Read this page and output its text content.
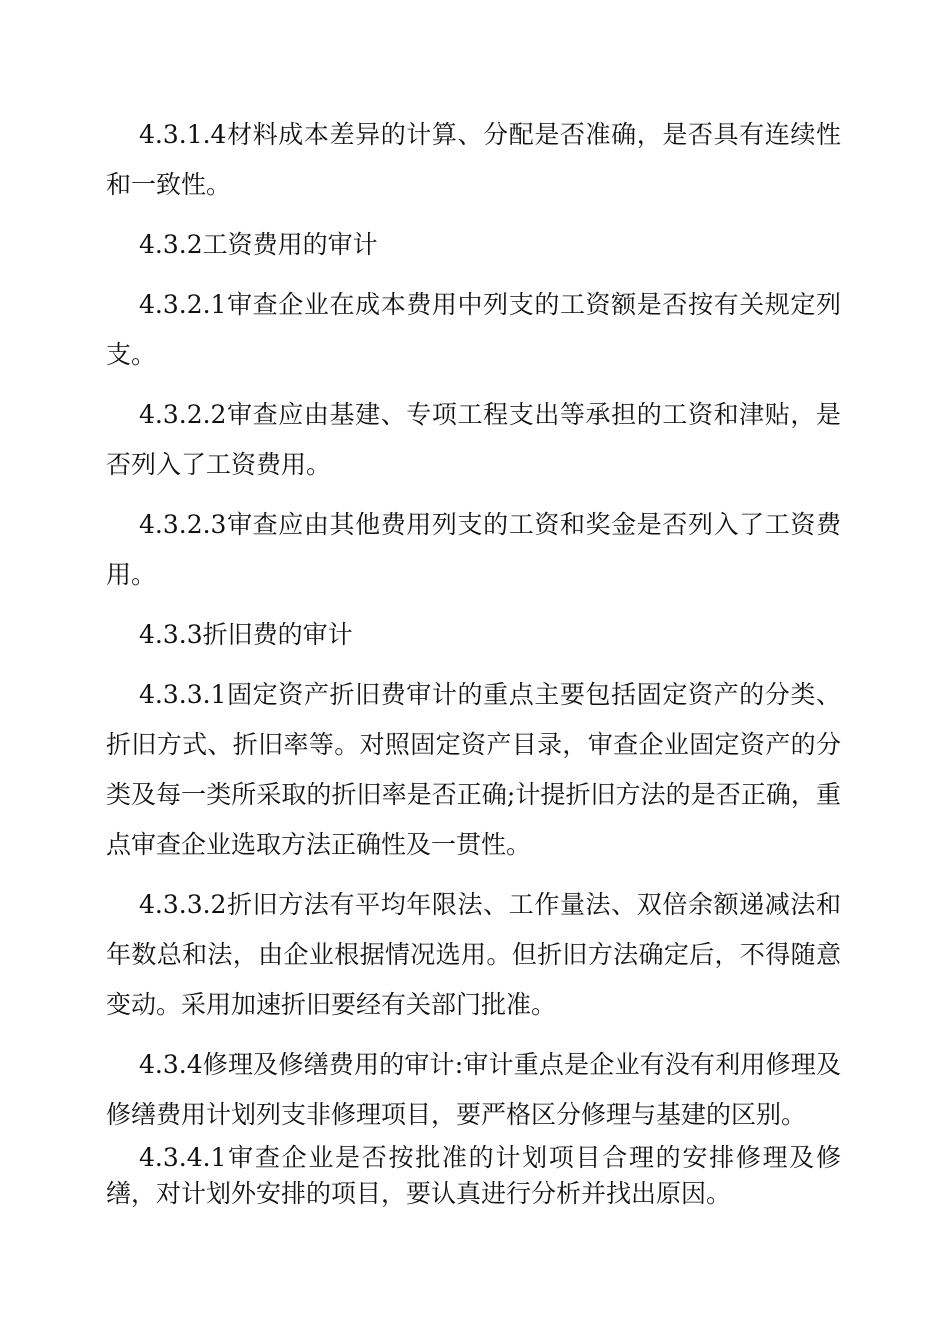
4.3.1.4材料成本差异的计算、分配是否准确，是否具有连续性和一致性。

4.3.2工资费用的审计

4.3.2.1审查企业在成本费用中列支的工资额是否按有关规定列支。

4.3.2.2审查应由基建、专项工程支出等承担的工资和津贴，是否列入了工资费用。

4.3.2.3审查应由其他费用列支的工资和奖金是否列入了工资费用。

4.3.3折旧费的审计

4.3.3.1固定资产折旧费审计的重点主要包括固定资产的分类、折旧方式、折旧率等。对照固定资产目录，审查企业固定资产的分类及每一类所采取的折旧率是否正确;计提折旧方法的是否正确，重点审查企业选取方法正确性及一贯性。

4.3.3.2折旧方法有平均年限法、工作量法、双倍余额递减法和年数总和法，由企业根据情况选用。但折旧方法确定后，不得随意变动。采用加速折旧要经有关部门批准。

4.3.4修理及修缮费用的审计:审计重点是企业有没有利用修理及修缮费用计划列支非修理项目，要严格区分修理与基建的区别。

4.3.4.1审查企业是否按批准的计划项目合理的安排修理及修缮，对计划外安排的项目，要认真进行分析并找出原因。
